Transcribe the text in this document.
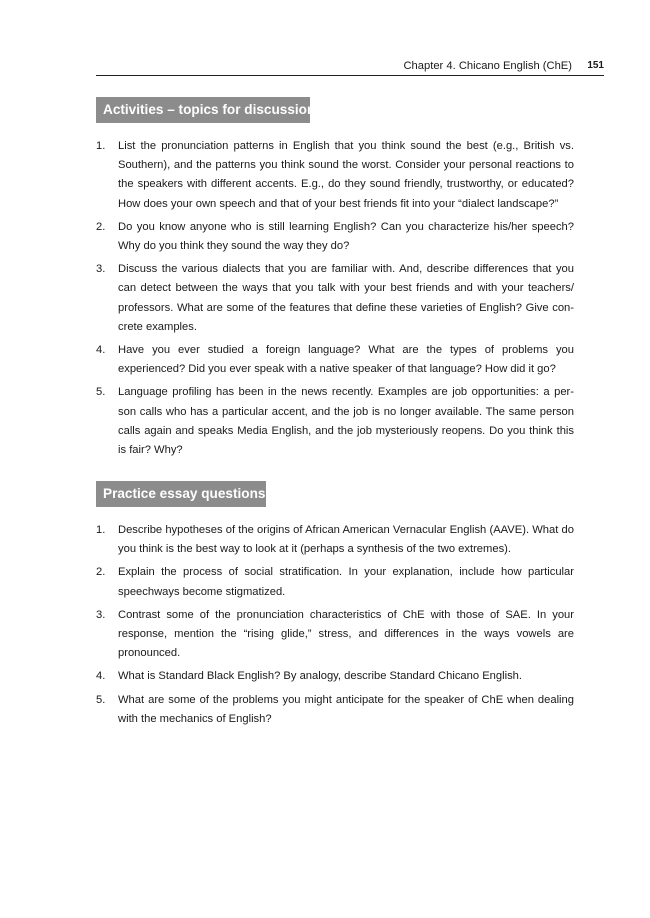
Chapter 4. Chicano English (ChE) 151
Activities – topics for discussion
1. List the pronunciation patterns in English that you think sound the best (e.g., British vs. Southern), and the patterns you think sound the worst. Consider your personal reactions to the speakers with different accents. E.g., do they sound friendly, trustworthy, or educated? How does your own speech and that of your best friends fit into your “dialect landscape?”
2. Do you know anyone who is still learning English? Can you characterize his/her speech? Why do you think they sound the way they do?
3. Discuss the various dialects that you are familiar with. And, describe differences that you can detect between the ways that you talk with your best friends and with your teachers/ professors. What are some of the features that define these varieties of English? Give con- crete examples.
4. Have you ever studied a foreign language? What are the types of problems you experienced? Did you ever speak with a native speaker of that language? How did it go?
5. Language profiling has been in the news recently. Examples are job opportunities: a per- son calls who has a particular accent, and the job is no longer available. The same person calls again and speaks Media English, and the job mysteriously reopens. Do you think this is fair? Why?
Practice essay questions
1. Describe hypotheses of the origins of African American Vernacular English (AAVE). What do you think is the best way to look at it (perhaps a synthesis of the two extremes).
2. Explain the process of social stratification. In your explanation, include how particular speechways become stigmatized.
3. Contrast some of the pronunciation characteristics of ChE with those of SAE. In your response, mention the “rising glide,” stress, and differences in the ways vowels are pronounced.
4. What is Standard Black English? By analogy, describe Standard Chicano English.
5. What are some of the problems you might anticipate for the speaker of ChE when dealing with the mechanics of English?
